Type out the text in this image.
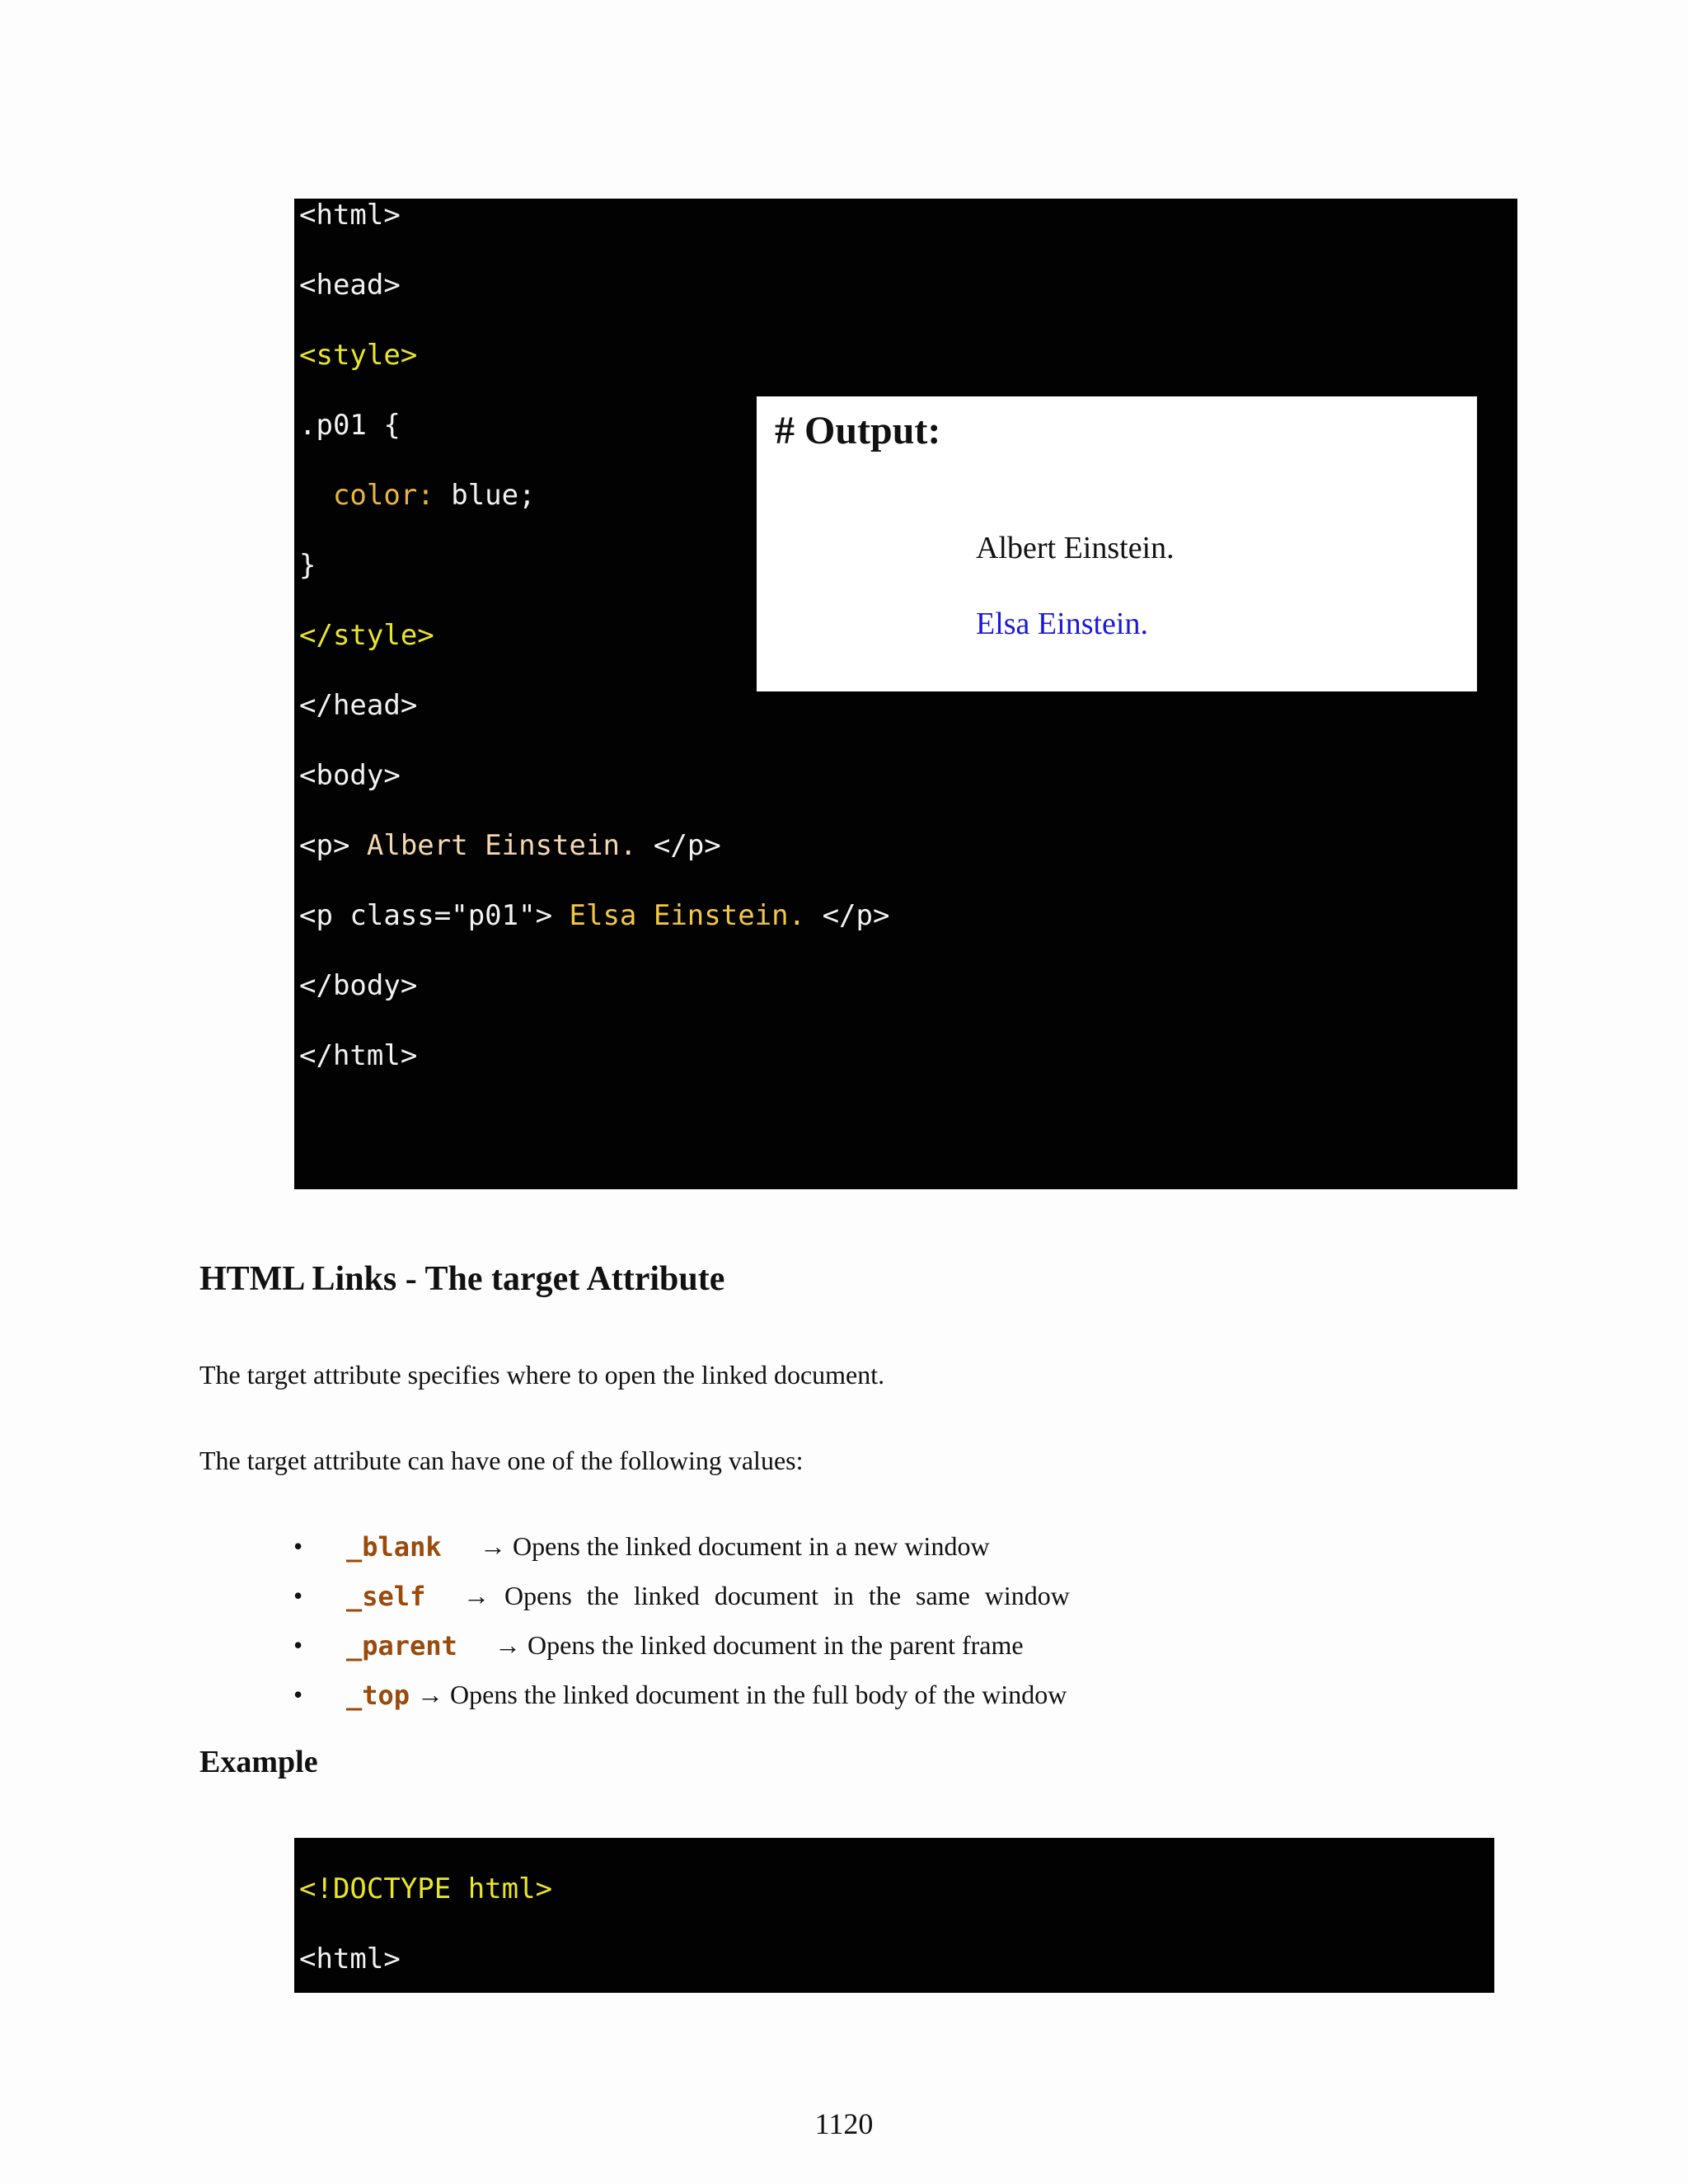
<html>
<head>
<style>
.p01 {
color: blue;
}
</style>
</head>
<body>
<p> Albert Einstein. </p>
<p class="p01"> Elsa Einstein. </p>
</body>
</html>
# Output:
Albert Einstein.
Elsa Einstein.
HTML Links - The target Attribute
The target attribute specifies where to open the linked document.
The target attribute can have one of the following values:
• _blank → Opens the linked document in a new window
• _self → Opens the linked document in the same window
• _parent → Opens the linked document in the parent frame
• _top → Opens the linked document in the full body of the window
Example
<!DOCTYPE html>
<html>
1120
